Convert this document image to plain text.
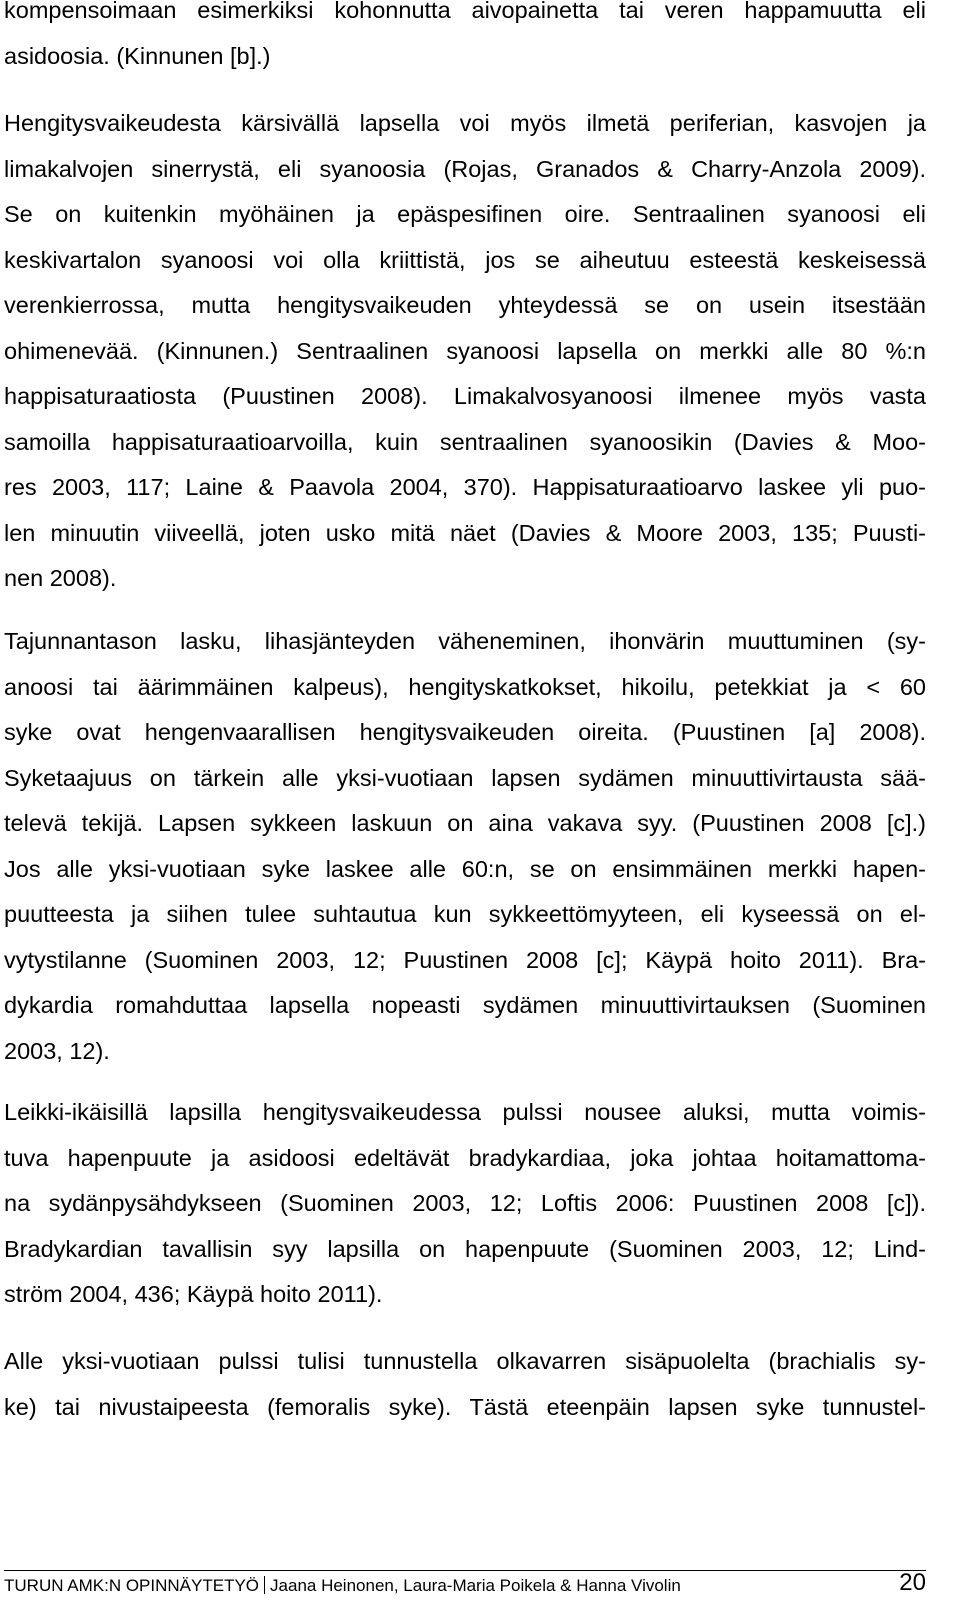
kompensoimaan esimerkiksi kohonnutta aivopainetta tai veren happamuutta eli
asidoosia. (Kinnunen [b].)
Hengitysvaikeudesta kärsivällä lapsella voi myös ilmetä periferian, kasvojen ja
limakalvojen sinerrystä, eli syanoosia (Rojas, Granados & Charry-Anzola 2009).
Se on kuitenkin myöhäinen ja epäspesifinen oire. Sentraalinen syanoosi eli
keskivartalon syanoosi voi olla kriittistä, jos se aiheutuu esteestä keskeisessä
verenkierrossa, mutta hengitysvaikeuden yhteydessä se on usein itsestään
ohimenevää. (Kinnunen.) Sentraalinen syanoosi lapsella on merkki alle 80 %:n
happisaturaatiosta (Puustinen 2008). Limakalvosyanoosi ilmenee myös vasta
samoilla happisaturaatioarvoilla, kuin sentraalinen syanoosikin (Davies & Moo-
res 2003, 117; Laine & Paavola 2004, 370). Happisaturaatioarvo laskee yli puo-
len minuutin viiveellä, joten usko mitä näet (Davies & Moore 2003, 135; Puusti-
nen 2008).
Tajunnantason lasku, lihasjänteyden väheneminen, ihonvärin muuttuminen (sy-
anoosi tai äärimmäinen kalpeus), hengityskatkokset, hikoilu, petekkiat ja < 60
syke ovat hengenvaarallisen hengitysvaikeuden oireita. (Puustinen [a] 2008).
Syketaajuus on tärkein alle yksi-vuotiaan lapsen sydämen minuuttivirtausta sää-
televä tekijä. Lapsen sykkeen laskuun on aina vakava syy. (Puustinen 2008 [c].)
Jos alle yksi-vuotiaan syke laskee alle 60:n, se on ensimmäinen merkki hapen-
puutteesta ja siihen tulee suhtautua kun sykkeettömyyteen, eli kyseessä on el-
vytystilanne (Suominen 2003, 12; Puustinen 2008 [c]; Käypä hoito 2011). Bra-
dykardia romahduttaa lapsella nopeasti sydämen minuuttivirtauksen (Suominen
2003, 12).
Leikki-ikäisillä lapsilla hengitysvaikeudessa pulssi nousee aluksi, mutta voimis-
tuva hapenpuute ja asidoosi edeltävät bradykardiaa, joka johtaa hoitamattoma-
na sydänpysähdykseen (Suominen 2003, 12; Loftis 2006: Puustinen 2008 [c]).
Bradykardian tavallisin syy lapsilla on hapenpuute (Suominen 2003, 12; Lind-
ström 2004, 436; Käypä hoito 2011).
Alle yksi-vuotiaan pulssi tulisi tunnustella olkavarren sisäpuolelta (brachialis sy-
ke) tai nivustaipeesta (femoralis syke). Tästä eteenpäin lapsen syke tunnustel-
TURUN AMK:N OPINNÄYTETYÖ Jaana Heinonen, Laura-Maria Poikela & Hanna Vivolin	20
